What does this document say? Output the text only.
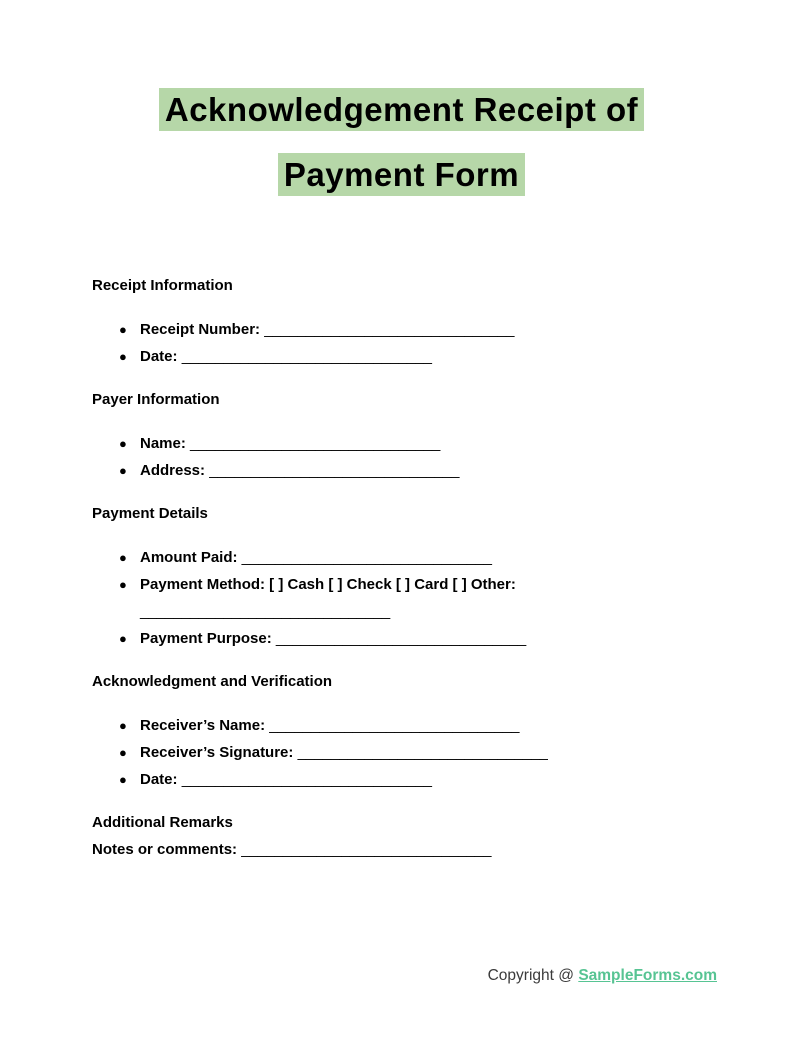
Acknowledgement Receipt of
Payment Form
Receipt Information
● Receipt Number: ______________________________
● Date: ______________________________
Payer Information
● Name: ______________________________
● Address: ______________________________
Payment Details
● Amount Paid: ______________________________
● Payment Method: [ ] Cash [ ] Check [ ] Card [ ] Other: ______________________________
● Payment Purpose: ______________________________
Acknowledgment and Verification
● Receiver’s Name: ______________________________
● Receiver’s Signature: ______________________________
● Date: ______________________________
Additional Remarks

Notes or comments: ______________________________

Copyright @ SampleForms.com
